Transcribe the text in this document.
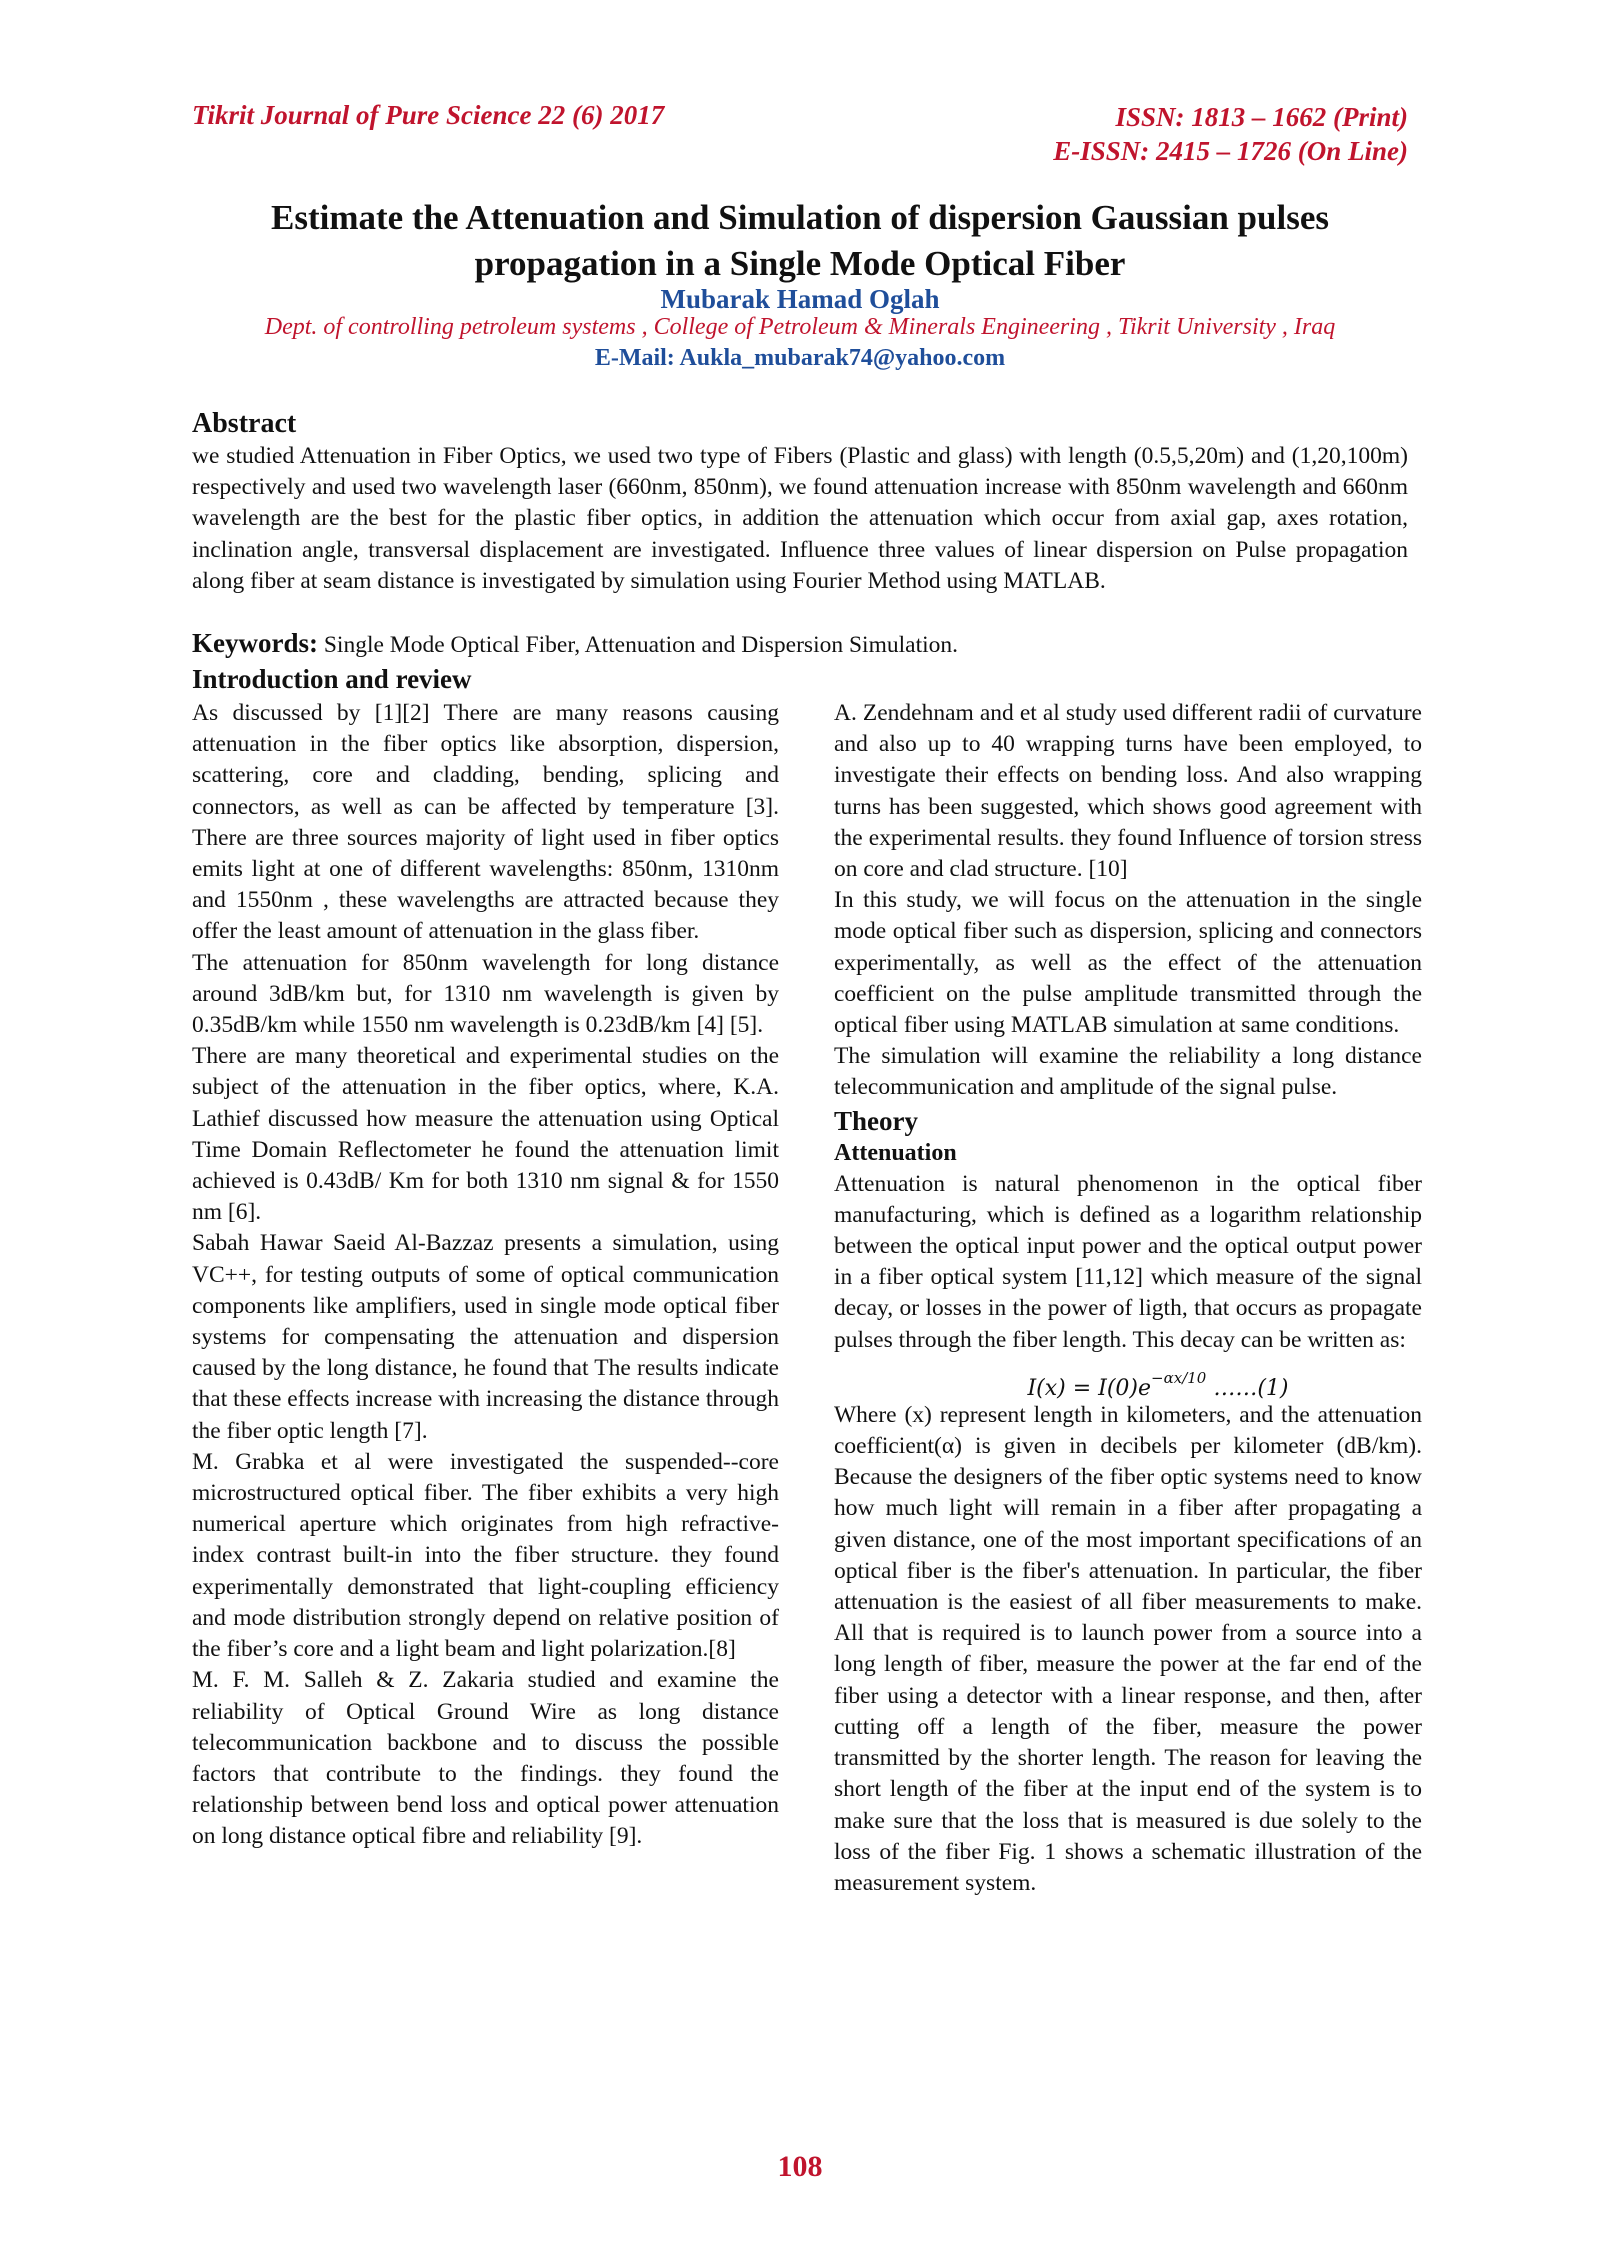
Tikrit Journal of Pure Science 22 (6) 2017	ISSN: 1813 – 1662 (Print)
E-ISSN: 2415 – 1726 (On Line)
Estimate the Attenuation and Simulation of dispersion Gaussian pulses
propagation in a Single Mode Optical Fiber
Mubarak Hamad Oglah
Dept. of controlling petroleum systems , College of Petroleum & Minerals Engineering , Tikrit University , Iraq
E-Mail: Aukla_mubarak74@yahoo.com
Abstract
we studied Attenuation in Fiber Optics, we used two type of Fibers (Plastic and glass) with length (0.5,5,20m) and (1,20,100m) respectively and used two wavelength laser (660nm, 850nm), we found attenuation increase with 850nm wavelength and 660nm wavelength are the best for the plastic fiber optics, in addition the attenuation which occur from axial gap, axes rotation, inclination angle, transversal displacement are investigated. Influence three values of linear dispersion on Pulse propagation along fiber at seam distance is investigated by simulation using Fourier Method using MATLAB.
Keywords: Single Mode Optical Fiber, Attenuation and Dispersion Simulation.
Introduction and review

As discussed by [1][2] There are many reasons causing attenuation in the fiber optics like absorption, dispersion, scattering, core and cladding, bending, splicing and connectors, as well as can be affected by temperature [3]. There are three sources majority of light used in fiber optics emits light at one of different wavelengths: 850nm, 1310nm and 1550nm , these wavelengths are attracted because they offer the least amount of attenuation in the glass fiber.

The attenuation for 850nm wavelength for long distance around 3dB/km but, for 1310 nm wavelength is given by 0.35dB/km while 1550 nm wavelength is 0.23dB/km [4] [5].

There are many theoretical and experimental studies on the subject of the attenuation in the fiber optics, where, K.A. Lathief discussed how measure the attenuation using Optical Time Domain Reflectometer he found the attenuation limit achieved is 0.43dB/ Km for both 1310 nm signal & for 1550 nm [6].

Sabah Hawar Saeid Al-Bazzaz presents a simulation, using VC++, for testing outputs of some of optical communication components like amplifiers, used in single mode optical fiber systems for compensating the attenuation and dispersion caused by the long distance, he found that The results indicate that these effects increase with increasing the distance through the fiber optic length [7].

M. Grabka et al were investigated the suspended--core microstructured optical fiber. The fiber exhibits a very high numerical aperture which originates from high refractive-index contrast built-in into the fiber structure. they found experimentally demonstrated that light-coupling efficiency and mode distribution strongly depend on relative position of the fiber’s core and a light beam and light polarization.[8]

M. F. M. Salleh & Z. Zakaria studied and examine the reliability of Optical Ground Wire as long distance telecommunication backbone and to discuss the possible factors that contribute to the findings. they found the relationship between bend loss and optical power attenuation on long distance optical fibre and reliability [9].

A. Zendehnam and et al study used different radii of curvature and also up to 40 wrapping turns have been employed, to investigate their effects on bending loss. And also wrapping turns has been suggested, which shows good agreement with the experimental results. they found Influence of torsion stress on core and clad structure. [10]

In this study, we will focus on the attenuation in the single mode optical fiber such as dispersion, splicing and connectors experimentally, as well as the effect of the attenuation coefficient on the pulse amplitude transmitted through the optical fiber using MATLAB simulation at same conditions.

The simulation will examine the reliability a long distance telecommunication and amplitude of the signal pulse.

Theory

Attenuation

Attenuation is natural phenomenon in the optical fiber manufacturing, which is defined as a logarithm relationship between the optical input power and the optical output power in a fiber optical system [11,12] which measure of the signal decay, or losses in the power of ligth, that occurs as propagate pulses through the fiber length. This decay can be written as:

$I(x) = I(0)e^{-\alpha x/10}$ ……(1)

Where (x) represent length in kilometers, and the attenuation coefficient(α) is given in decibels per kilometer (dB/km). Because the designers of the fiber optic systems need to know how much light will remain in a fiber after propagating a given distance, one of the most important specifications of an optical fiber is the fiber's attenuation. In particular, the fiber attenuation is the easiest of all fiber measurements to make. All that is required is to launch power from a source into a long length of fiber, measure the power at the far end of the fiber using a detector with a linear response, and then, after cutting off a length of the fiber, measure the power transmitted by the shorter length. The reason for leaving the short length of the fiber at the input end of the system is to make sure that the loss that is measured is due solely to the loss of the fiber Fig. 1 shows a schematic illustration of the measurement system.

108
